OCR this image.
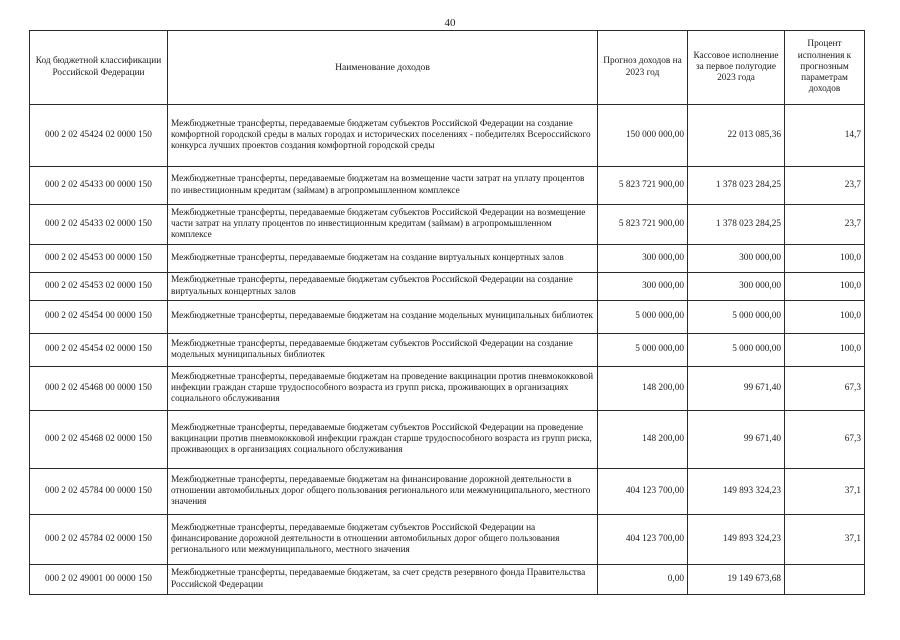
40
Код бюджетной классификации Российской Федерации	Наименование доходов	Прогноз доходов на 2023 год	Кассовое исполнение за первое полугодие 2023 года	Процент исполнения к прогнозным параметрам доходов
000 2 02 45424 02 0000 150	Межбюджетные трансферты, передаваемые бюджетам субъектов Российской Федерации на создание комфортной городской среды в малых городах и исторических поселениях - победителях Всероссийского конкурса лучших проектов создания комфортной городской среды	150 000 000,00	22 013 085,36	14,7
000 2 02 45433 00 0000 150	Межбюджетные трансферты, передаваемые бюджетам на возмещение части затрат на уплату процентов по инвестиционным кредитам (займам) в агропромышленном комплексе	5 823 721 900,00	1 378 023 284,25	23,7
000 2 02 45433 02 0000 150	Межбюджетные трансферты, передаваемые бюджетам субъектов Российской Федерации на возмещение части затрат на уплату процентов по инвестиционным кредитам (займам) в агропромышленном комплексе	5 823 721 900,00	1 378 023 284,25	23,7
000 2 02 45453 00 0000 150	Межбюджетные трансферты, передаваемые бюджетам на создание виртуальных концертных залов	300 000,00	300 000,00	100,0
000 2 02 45453 02 0000 150	Межбюджетные трансферты, передаваемые бюджетам субъектов Российской Федерации на создание виртуальных концертных залов	300 000,00	300 000,00	100,0
000 2 02 45454 00 0000 150	Межбюджетные трансферты, передаваемые бюджетам на создание модельных муниципальных библиотек	5 000 000,00	5 000 000,00	100,0
000 2 02 45454 02 0000 150	Межбюджетные трансферты, передаваемые бюджетам субъектов Российской Федерации на создание модельных муниципальных библиотек	5 000 000,00	5 000 000,00	100,0
000 2 02 45468 00 0000 150	Межбюджетные трансферты, передаваемые бюджетам на проведение вакцинации против пневмококковой инфекции граждан старше трудоспособного возраста из групп риска, проживающих в организациях социального обслуживания	148 200,00	99 671,40	67,3
000 2 02 45468 02 0000 150	Межбюджетные трансферты, передаваемые бюджетам субъектов Российской Федерации на проведение вакцинации против пневмококковой инфекции граждан старше трудоспособного возраста из групп риска, проживающих в организациях социального обслуживания	148 200,00	99 671,40	67,3
000 2 02 45784 00 0000 150	Межбюджетные трансферты, передаваемые бюджетам на финансирование дорожной деятельности в отношении автомобильных дорог общего пользования регионального или межмуниципального, местного значения	404 123 700,00	149 893 324,23	37,1
000 2 02 45784 02 0000 150	Межбюджетные трансферты, передаваемые бюджетам субъектов Российской Федерации на финансирование дорожной деятельности в отношении автомобильных дорог общего пользования регионального или межмуниципального, местного значения	404 123 700,00	149 893 324,23	37,1
000 2 02 49001 00 0000 150	Межбюджетные трансферты, передаваемые бюджетам, за счет средств резервного фонда Правительства Российской Федерации	0,00	19 149 673,68	
